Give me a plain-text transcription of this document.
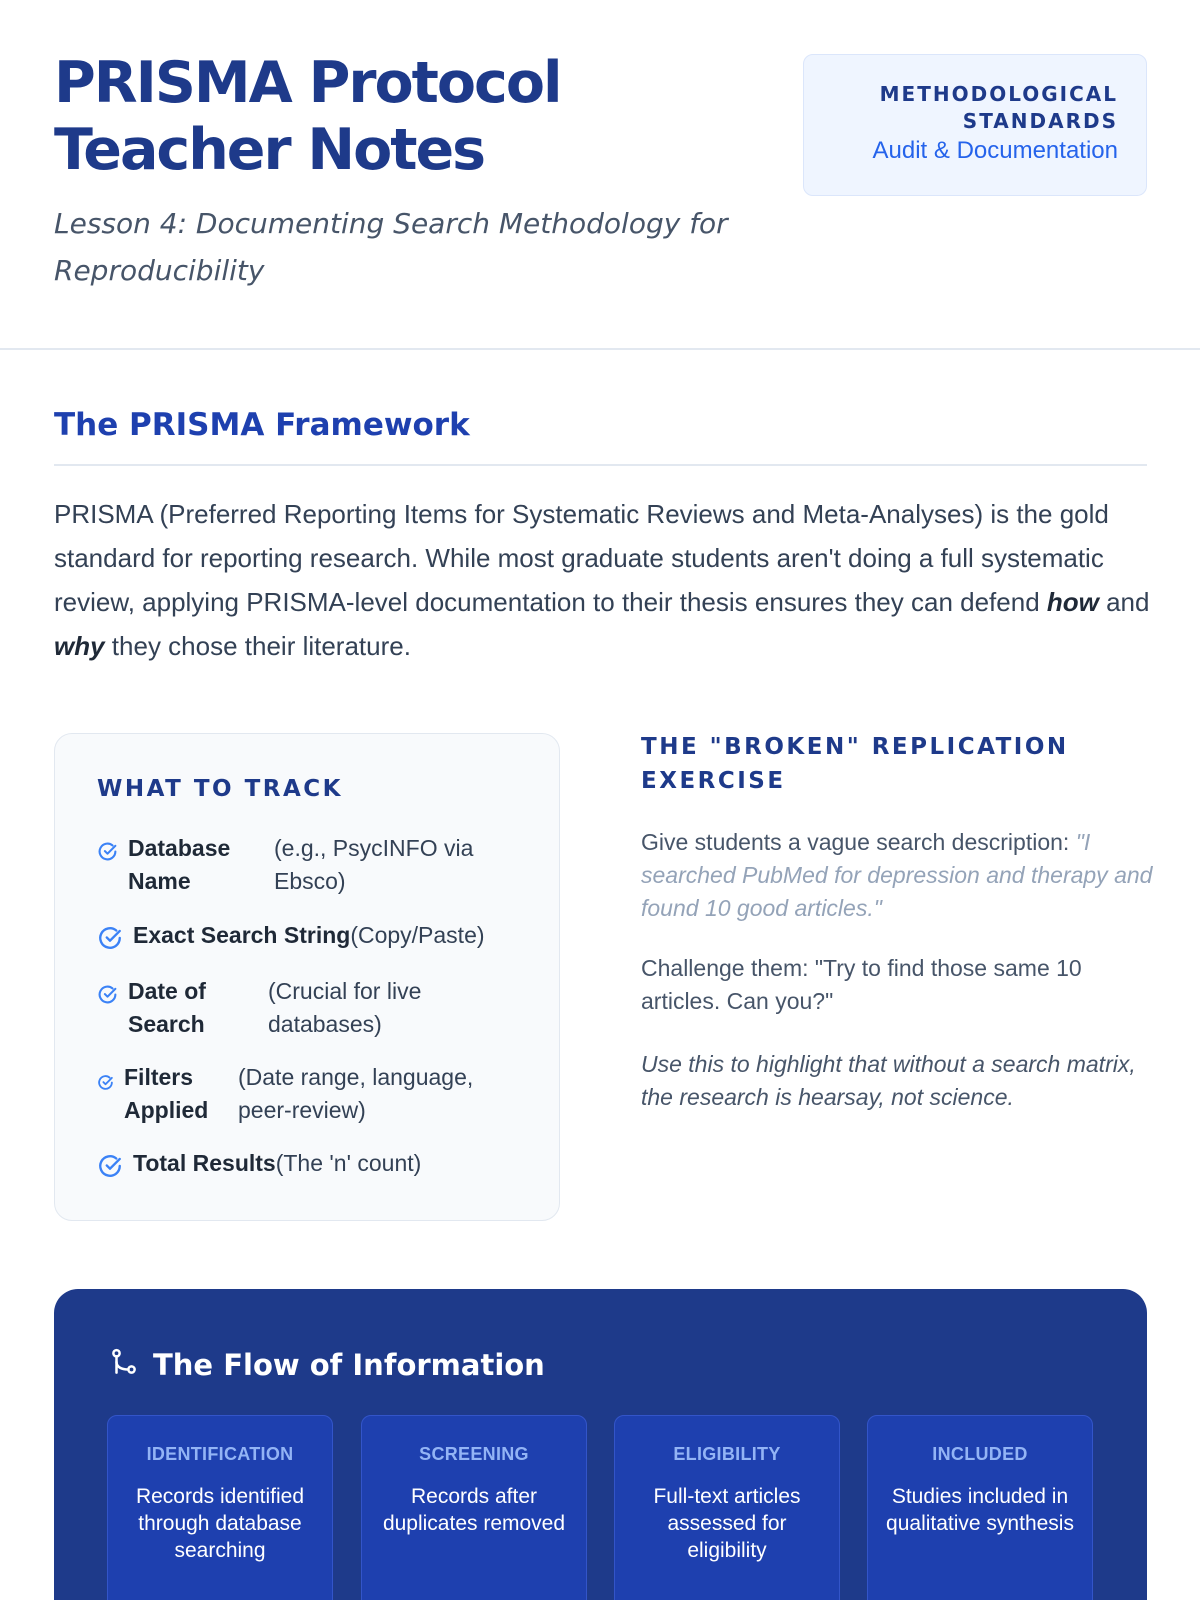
PRISMA Protocol Teacher Notes

Lesson 4: Documenting Search Methodology for Reproducibility

METHODOLOGICAL STANDARDS
Audit & Documentation
The PRISMA Framework

PRISMA (Preferred Reporting Items for Systematic Reviews and Meta-Analyses) is the gold standard for reporting research. While most graduate students aren't doing a full systematic review, applying PRISMA-level documentation to their thesis ensures they can defend how and why they chose their literature.

WHAT TO TRACK
Database Name
(e.g., PsycINFO via Ebsco)
Exact Search String (Copy/Paste)
Date of Search
(Crucial for live databases)
Filters Applied
(Date range, language, peer-review)
Total Results (The 'n' count)
THE "BROKEN" REPLICATION EXERCISE

Give students a vague search description: "I searched PubMed for depression and therapy and found 10 good articles."

Challenge them: "Try to find those same 10 articles. Can you?"

Use this to highlight that without a search matrix, the research is hearsay, not science.

The Flow of Information
IDENTIFICATION
Records identified through database searching
SCREENING
Records after duplicates removed
ELIGIBILITY
Full-text articles assessed for eligibility
INCLUDED
Studies included in qualitative synthesis
